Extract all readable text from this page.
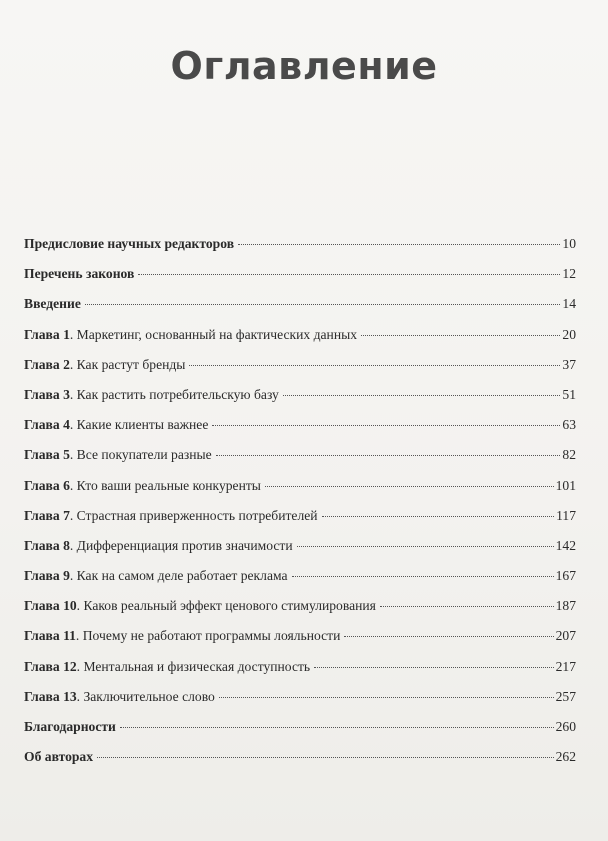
Оглавление
Предисловие научных редакторов	10
Перечень законов	12
Введение	14
Глава 1. Маркетинг, основанный на фактических данных	20
Глава 2. Как растут бренды	37
Глава 3. Как растить потребительскую базу	51
Глава 4. Какие клиенты важнее	63
Глава 5. Все покупатели разные	82
Глава 6. Кто ваши реальные конкуренты	101
Глава 7. Страстная приверженность потребителей	117
Глава 8. Дифференциация против значимости	142
Глава 9. Как на самом деле работает реклама	167
Глава 10. Каков реальный эффект ценового стимулирования	187
Глава 11. Почему не работают программы лояльности	207
Глава 12. Ментальная и физическая доступность	217
Глава 13. Заключительное слово	257
Благодарности	260
Об авторах	262
